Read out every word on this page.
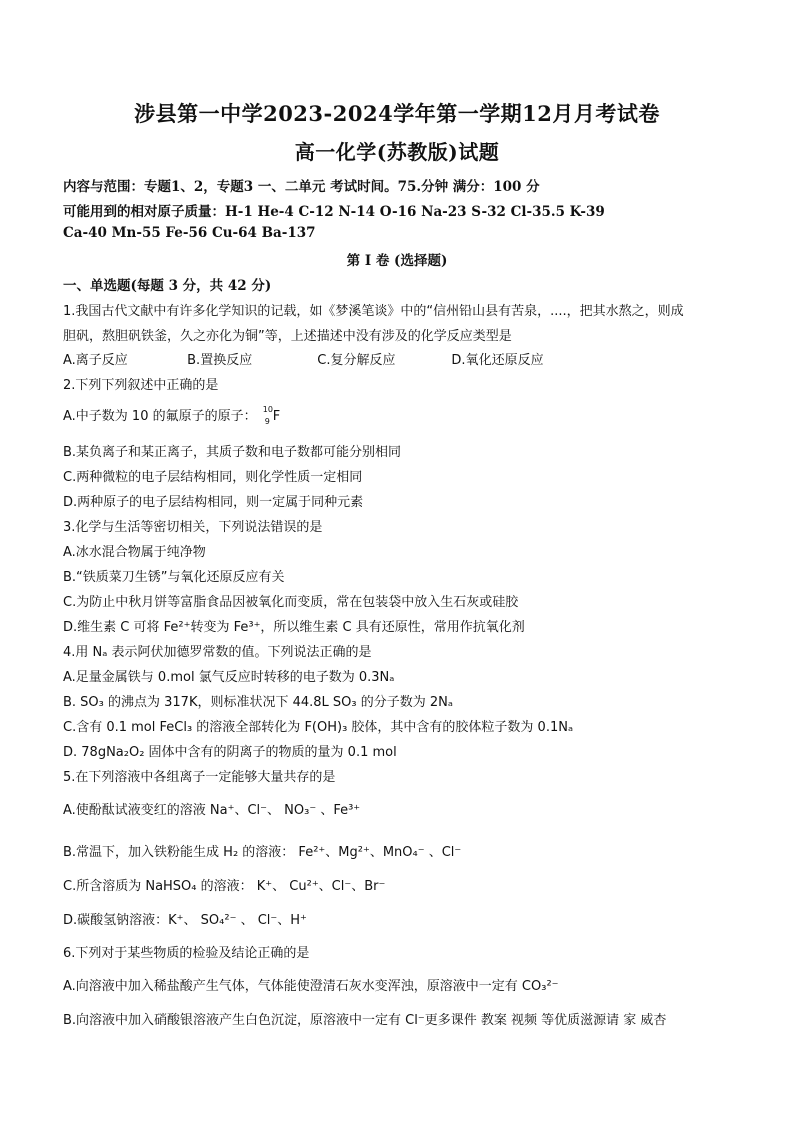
涉县第一中学2023-2024学年第一学期12月月考试卷
高一化学(苏教版)试题
内容与范围：专题1、2，专题3 一、二单元 考试时间。75.分钟 满分：100 分
可能用到的相对原子质量：H-1 He-4 C-12 N-14 O-16 Na-23 S-32 Cl-35.5 K-39
Ca-40 Mn-55 Fe-56 Cu-64 Ba-137
第 I 卷 (选择题)
一、单选题(每题 3 分，共 42 分)
1.我国古代文献中有许多化学知识的记载，如《梦溪笔谈》中的“信州铅山县有苦泉，....，把其水熬之，则成
胆矾，熬胆矾铁釜，久之亦化为铜”等，上述描述中没有涉及的化学反应类型是
A.离子反应	B.置换反应	C.复分解反应	D.氧化还原反应
2.下列下列叙述中正确的是
A.中子数为 10 的氟原子的原子： 10
9 F
B.某负离子和某正离子，其质子数和电子数都可能分别相同
C.两种微粒的电子层结构相同，则化学性质一定相同
D.两种原子的电子层结构相同，则一定属于同种元素
3.化学与生活等密切相关，下列说法错误的是
A.冰水混合物属于纯净物
B.“铁质菜刀生锈”与氧化还原反应有关
C.为防止中秋月饼等富脂食品因被氧化而变质，常在包装袋中放入生石灰或硅胶
D.维生素 C 可将 Fe²⁺转变为 Fe³⁺，所以维生素 C 具有还原性，常用作抗氧化剂
4.用 Nₐ 表示阿伏加德罗常数的值。下列说法正确的是
A.足量金属铁与 0.mol 氯气反应时转移的电子数为 0.3Nₐ
B. SO₃ 的沸点为 317K，则标准状况下 44.8L SO₃ 的分子数为 2Nₐ
C.含有 0.1 mol FeCl₃ 的溶液全部转化为 F(OH)₃ 胶体，其中含有的胶体粒子数为 0.1Nₐ
D. 78gNa₂O₂ 固体中含有的阴离子的物质的量为 0.1 mol
5.在下列溶液中各组离子一定能够大量共存的是
A.使酚酞试液变红的溶液 Na⁺、Cl⁻、 NO₃⁻ 、Fe³⁺
B.常温下，加入铁粉能生成 H₂ 的溶液： Fe²⁺、Mg²⁺、MnO₄⁻ 、Cl⁻
C.所含溶质为 NaHSO₄ 的溶液： K⁺、 Cu²⁺、Cl⁻、Br⁻
D.碳酸氢钠溶液：K⁺、 SO₄²⁻ 、 Cl⁻、H⁺
6.下列对于某些物质的检验及结论正确的是
A.向溶液中加入稀盐酸产生气体，气体能使澄清石灰水变浑浊，原溶液中一定有 CO₃²⁻
B.向溶液中加入硝酸银溶液产生白色沉淀，原溶液中一定有 Cl⁻更多课件 教案 视频 等优质滋源请 家 威杏
